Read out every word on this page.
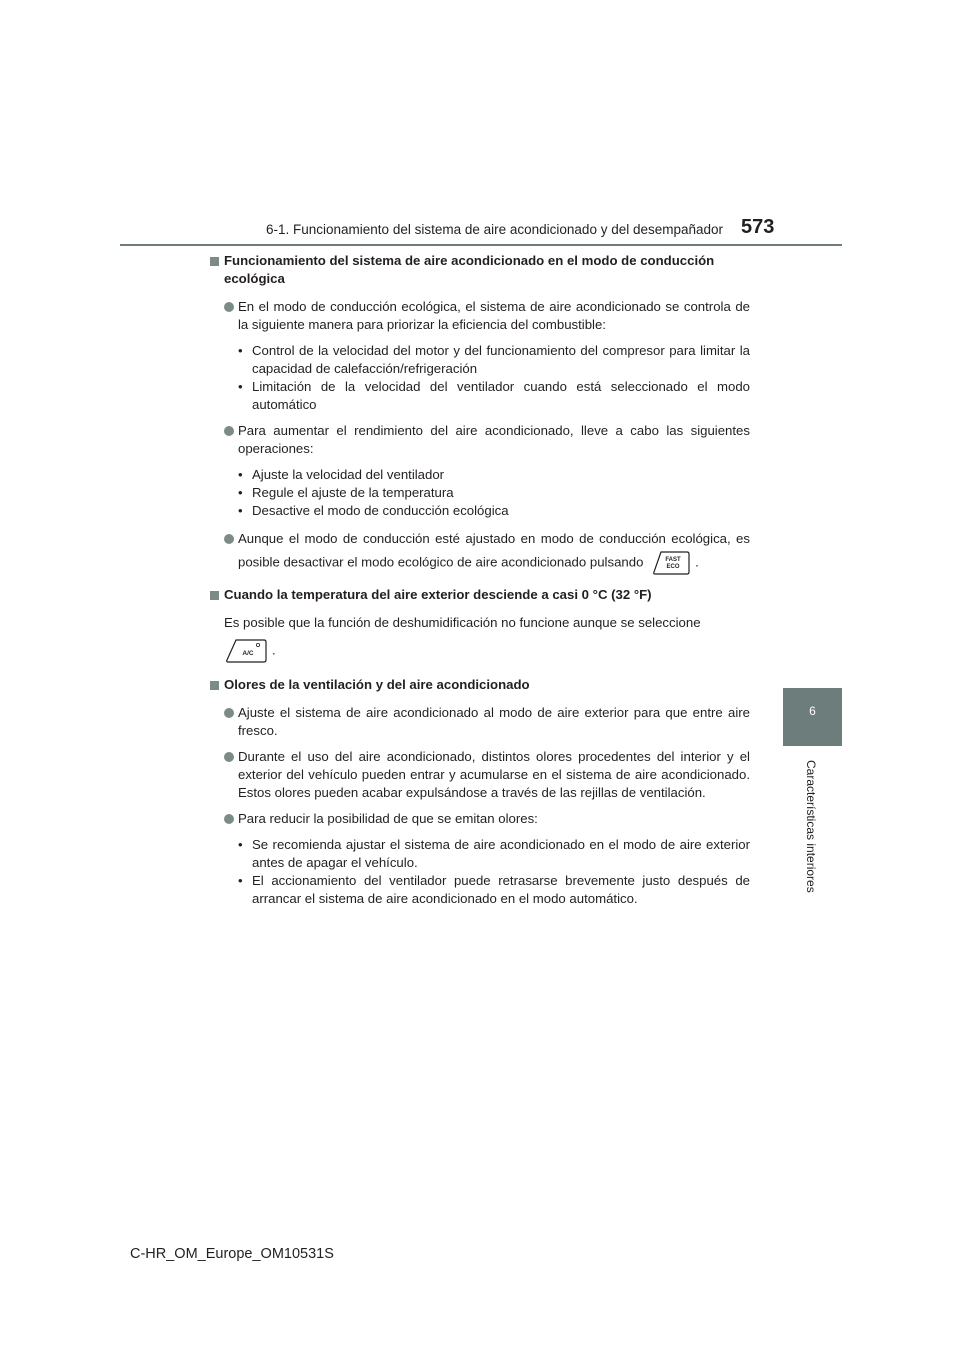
6-1. Funcionamiento del sistema de aire acondicionado y del desempañador 573
6
Características interiores
Funcionamiento del sistema de aire acondicionado en el modo de conducción ecológica
En el modo de conducción ecológica, el sistema de aire acondicionado se controla de la siguiente manera para priorizar la eficiencia del combustible:
• Control de la velocidad del motor y del funcionamiento del compresor para limitar la capacidad de calefacción/refrigeración
• Limitación de la velocidad del ventilador cuando está seleccionado el modo automático
Para aumentar el rendimiento del aire acondicionado, lleve a cabo las siguientes operaciones:
• Ajuste la velocidad del ventilador
• Regule el ajuste de la temperatura
• Desactive el modo de conducción ecológica
Aunque el modo de conducción esté ajustado en modo de conducción ecológica, es posible desactivar el modo ecológico de aire acondicionado pulsando	FAST
ECO .
Cuando la temperatura del aire exterior desciende a casi 0 °C (32 °F)
Es posible que la función de deshumidificación no funcione aunque se seleccione
A/C .
Olores de la ventilación y del aire acondicionado
Ajuste el sistema de aire acondicionado al modo de aire exterior para que entre aire fresco.
Durante el uso del aire acondicionado, distintos olores procedentes del interior y el exterior del vehículo pueden entrar y acumularse en el sistema de aire acondicionado. Estos olores pueden acabar expulsándose a través de las rejillas de ventilación.
Para reducir la posibilidad de que se emitan olores:
• Se recomienda ajustar el sistema de aire acondicionado en el modo de aire exterior antes de apagar el vehículo.
• El accionamiento del ventilador puede retrasarse brevemente justo después de arrancar el sistema de aire acondicionado en el modo automático.
C-HR_OM_Europe_OM10531S
